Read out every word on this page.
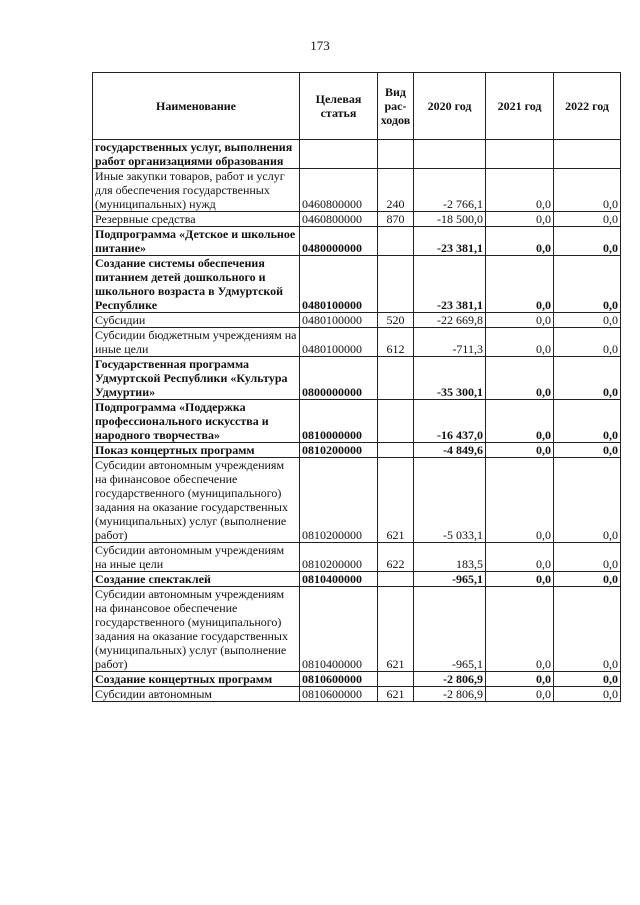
173
Наименование	Целевая статья	Вид рас-ходов	2020 год	2021 год	2022 год
государственных услуг, выполнения работ организациями образования					
Иные закупки товаров, работ и услуг для обеспечения государственных (муниципальных) нужд	0460800000	240	-2 766,1	0,0	0,0
Резервные средства	0460800000	870	-18 500,0	0,0	0,0
Подпрограмма «Детское и школьное питание»	0480000000		-23 381,1	0,0	0,0
Создание системы обеспечения питанием детей дошкольного и школьного возраста в Удмуртской Республике	0480100000		-23 381,1	0,0	0,0
Субсидии	0480100000	520	-22 669,8	0,0	0,0
Субсидии бюджетным учреждениям на иные цели	0480100000	612	-711,3	0,0	0,0
Государственная программа Удмуртской Республики «Культура Удмуртии»	0800000000		-35 300,1	0,0	0,0
Подпрограмма «Поддержка профессионального искусства и народного творчества»	0810000000		-16 437,0	0,0	0,0
Показ концертных программ	0810200000		-4 849,6	0,0	0,0
Субсидии автономным учреждениям на финансовое обеспечение государственного (муниципального) задания на оказание государственных (муниципальных) услуг (выполнение работ)	0810200000	621	-5 033,1	0,0	0,0
Субсидии автономным учреждениям на иные цели	0810200000	622	183,5	0,0	0,0
Создание спектаклей	0810400000		-965,1	0,0	0,0
Субсидии автономным учреждениям на финансовое обеспечение государственного (муниципального) задания на оказание государственных (муниципальных) услуг (выполнение работ)	0810400000	621	-965,1	0,0	0,0
Создание концертных программ	0810600000		-2 806,9	0,0	0,0
Субсидии автономным	0810600000	621	-2 806,9	0,0	0,0
